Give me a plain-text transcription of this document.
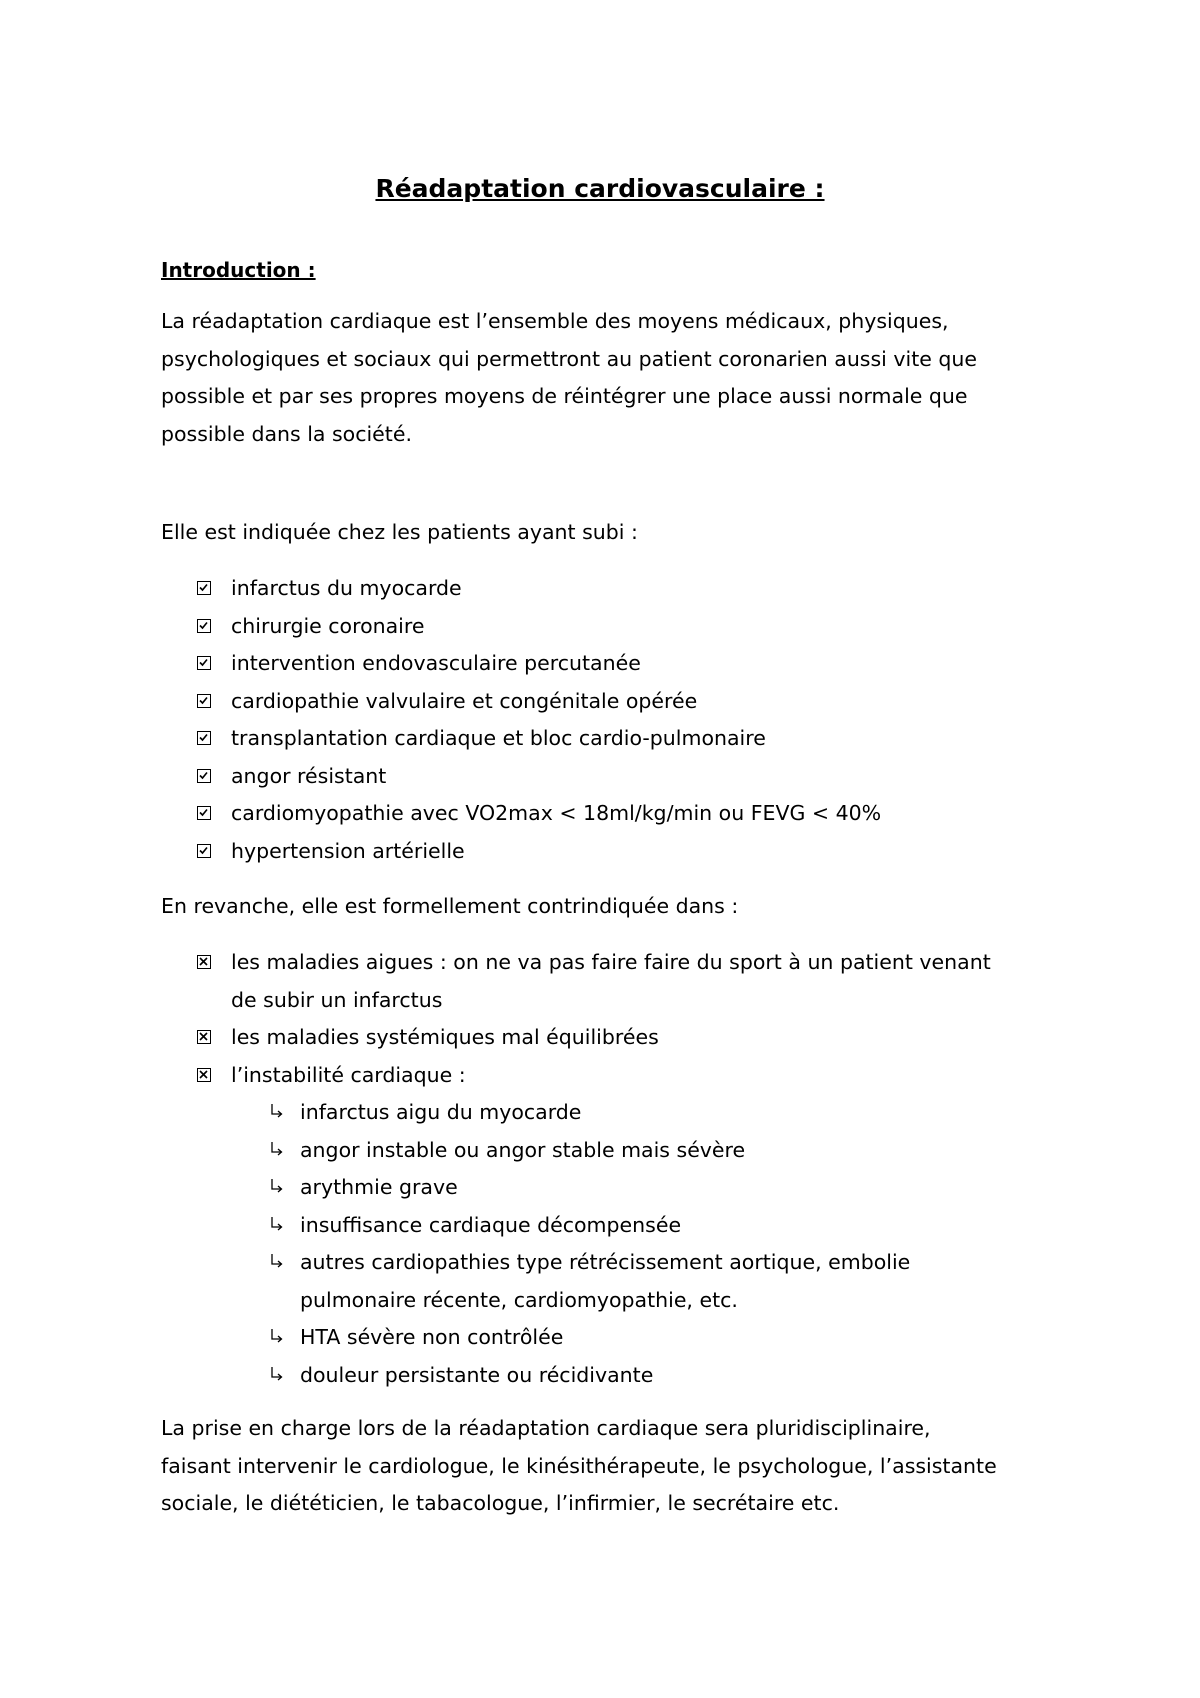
Réadaptation cardiovasculaire :
Introduction :
La réadaptation cardiaque est l’ensemble des moyens médicaux, physiques,
psychologiques et sociaux qui permettront au patient coronarien aussi vite que
possible et par ses propres moyens de réintégrer une place aussi normale que
possible dans la société.
Elle est indiquée chez les patients ayant subi :
infarctus du myocarde
chirurgie coronaire
intervention endovasculaire percutanée
cardiopathie valvulaire et congénitale opérée
transplantation cardiaque et bloc cardio-pulmonaire
angor résistant
cardiomyopathie avec VO2max < 18ml/kg/min ou FEVG < 40%
hypertension artérielle
En revanche, elle est formellement contrindiquée dans :
les maladies aigues : on ne va pas faire faire du sport à un patient venant
de subir un infarctus
les maladies systémiques mal équilibrées
l’instabilité cardiaque :
infarctus aigu du myocarde
angor instable ou angor stable mais sévère
arythmie grave
insuffisance cardiaque décompensée
autres cardiopathies type rétrécissement aortique, embolie
pulmonaire récente, cardiomyopathie, etc.
HTA sévère non contrôlée
douleur persistante ou récidivante
La prise en charge lors de la réadaptation cardiaque sera pluridisciplinaire,
faisant intervenir le cardiologue, le kinésithérapeute, le psychologue, l’assistante
sociale, le diététicien, le tabacologue, l’infirmier, le secrétaire etc.
